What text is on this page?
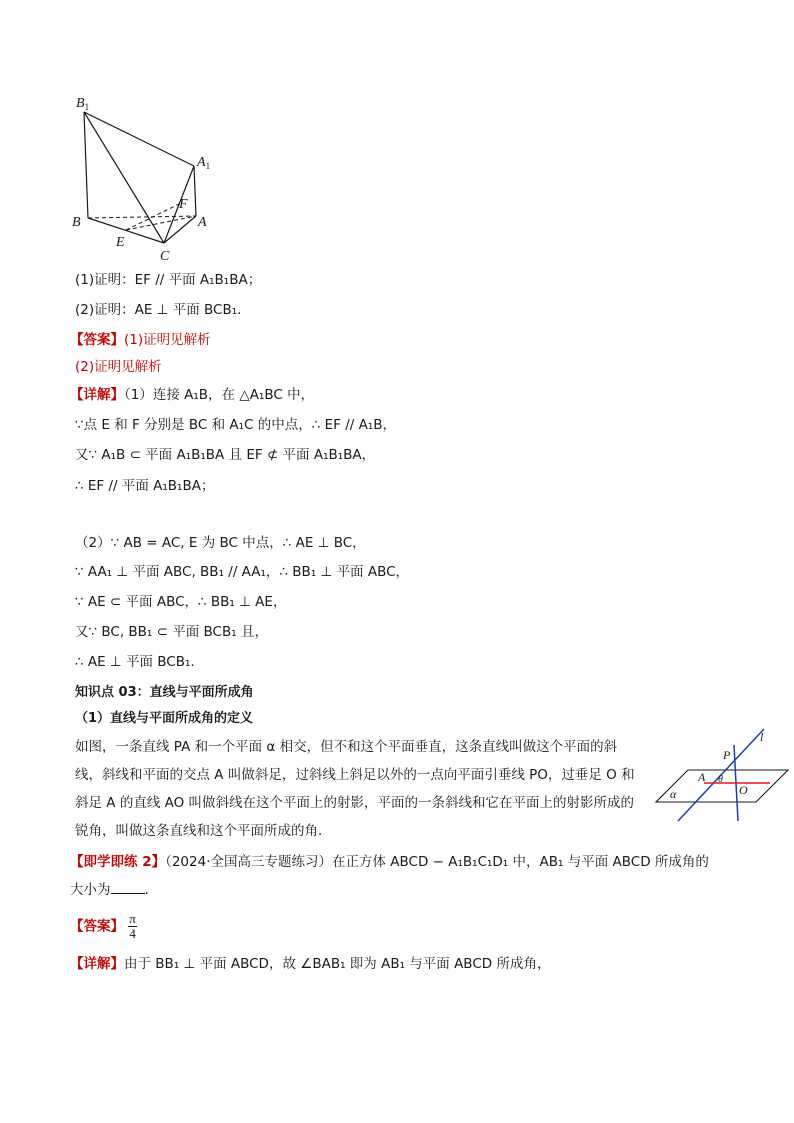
$B_1$
$A_1$
B	A
C
E
F
(1)证明：EF // 平面 A₁B₁BA；
(2)证明：AE ⊥ 平面 BCB₁.
【答案】(1)证明见解析
(2)证明见解析
【详解】（1）连接 A₁B，在 △A₁BC 中，
∵点 E 和 F 分别是 BC 和 A₁C 的中点，∴ EF // A₁B，
又∵ A₁B ⊂ 平面 A₁B₁BA 且 EF ⊄ 平面 A₁B₁BA，
∴ EF // 平面 A₁B₁BA；
（2）∵ AB = AC, E 为 BC 中点，∴ AE ⊥ BC，
∵ AA₁ ⊥ 平面 ABC, BB₁ // AA₁，∴ BB₁ ⊥ 平面 ABC，
∵ AE ⊂ 平面 ABC，∴ BB₁ ⊥ AE，
又∵ BC, BB₁ ⊂ 平面 BCB₁ 且，
∴ AE ⊥ 平面 BCB₁.
知识点 03：直线与平面所成角
（1）直线与平面所成角的定义
如图，一条直线 PA 和一个平面 α 相交，但不和这个平面垂直，这条直线叫做这个平面的斜线，斜线和平面的交点 A 叫做斜足，过斜线上斜足以外的一点向平面引垂线 PO，过垂足 O 和斜足 A 的直线 AO 叫做斜线在这个平面上的射影，平面的一条斜线和它在平面上的射影所成的锐角，叫做这条直线和这个平面所成的角.
l
P
A θ
O
α
【即学即练 2】（2024·全国高三专题练习）在正方体 ABCD − A₁B₁C₁D₁ 中，AB₁ 与平面 ABCD 所成角的大小为	.
【答案】 $\frac{\pi}{4}$
【详解】由于 BB₁ ⊥ 平面 ABCD，故 ∠BAB₁ 即为 AB₁ 与平面 ABCD 所成角，
